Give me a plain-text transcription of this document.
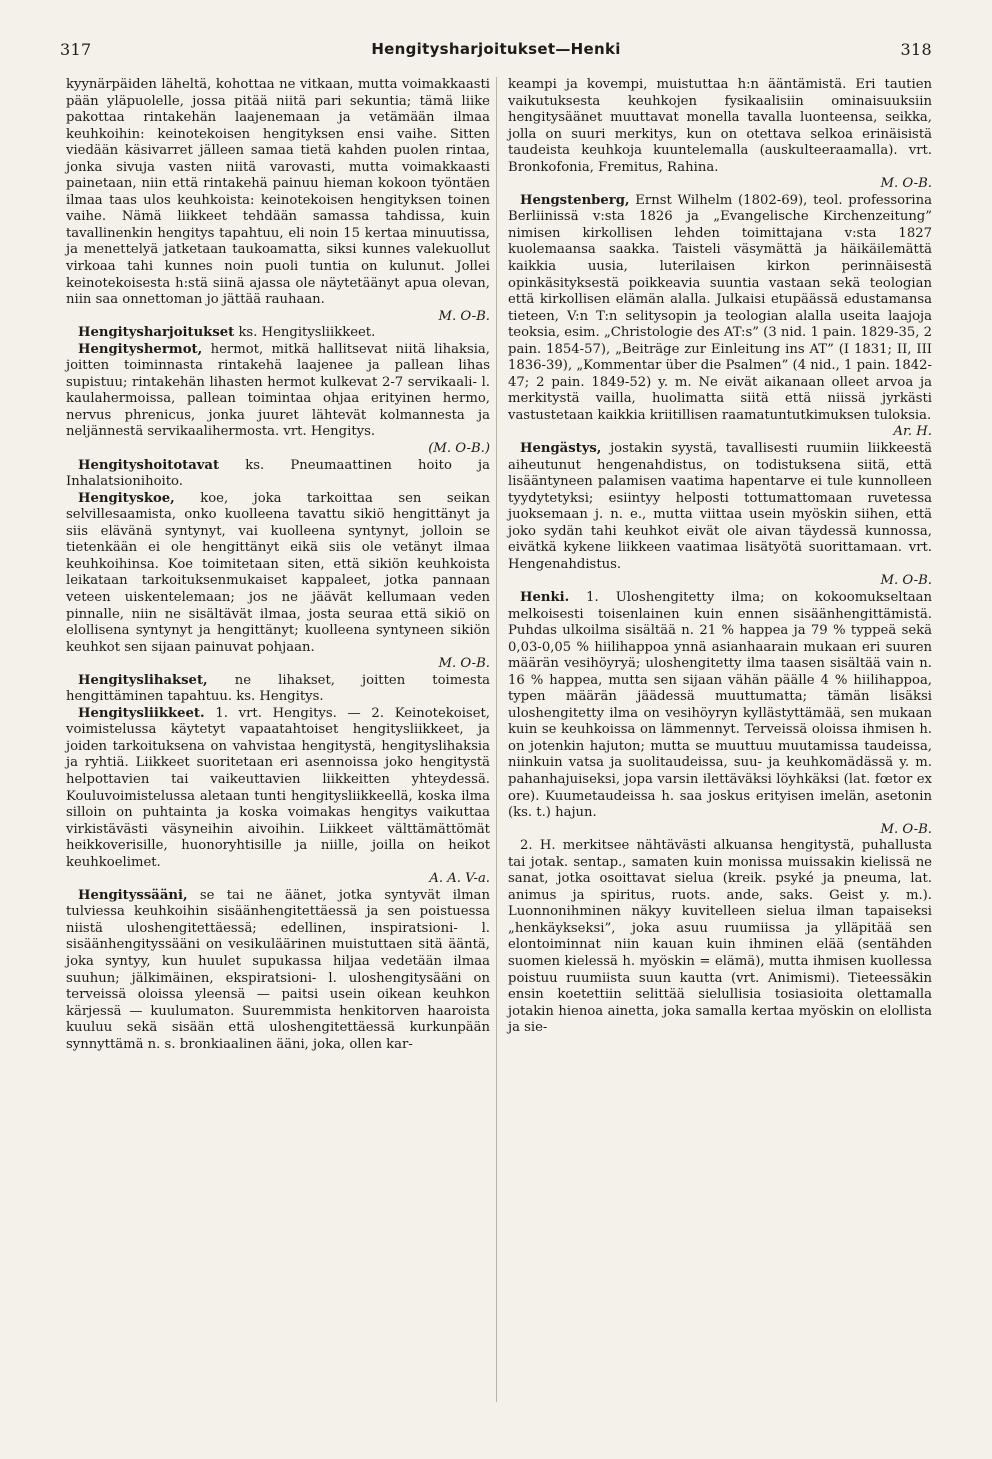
317	Hengitysharjoitukset—Henki	318

kyynärpäiden läheltä, kohottaa ne vitkaan, mutta voimakkaasti pään yläpuolelle, jossa pitää niitä pari sekuntia; tämä liike pakottaa rintakehän laajenemaan ja vetämään ilmaa keuhkoihin: keinotekoisen hengityksen ensi vaihe. Sitten viedään käsivarret jälleen samaa tietä kahden puolen rintaa, jonka sivuja vasten niitä varovasti, mutta voimakkaasti painetaan, niin että rintakehä painuu hieman kokoon työntäen ilmaa taas ulos keuhkoista: keinotekoisen hengityksen toinen vaihe. Nämä liikkeet tehdään samassa tahdissa, kuin tavallinenkin hengitys tapahtuu, eli noin 15 kertaa minuutissa, ja menettelyä jatketaan taukoamatta, siksi kunnes valekuollut virkoaa tahi kunnes noin puoli tuntia on kulunut. Jollei keinotekoisesta h:stä siinä ajassa ole näytetäänyt apua olevan, niin saa onnettoman jo jättää rauhaan.
M. O-B.

Hengitysharjoitukset ks. Hengitysliikkeet.

Hengityshermot, hermot, mitkä hallitsevat niitä lihaksia, joitten toiminnasta rintakehä laajenee ja pallean lihas supistuu; rintakehän lihasten hermot kulkevat 2-7 servikaali- l. kaulahermoissa, pallean toimintaa ohjaa erityinen hermo, nervus phrenicus, jonka juuret lähtevät kolmannesta ja neljännestä servikaalihermosta. vrt. Hengitys.
(M. O-B.)

Hengityshoitotavat ks. Pneumaattinen hoito ja Inhalatsionihoito.

Hengityskoe, koe, joka tarkoittaa sen seikan selvillesaamista, onko kuolleena tavattu sikiö hengittänyt ja siis elävänä syntynyt, vai kuolleena syntynyt, jolloin se tietenkään ei ole hengittänyt eikä siis ole vetänyt ilmaa keuhkoihinsa. Koe toimitetaan siten, että sikiön keuhkoista leikataan tarkoituksenmukaiset kappaleet, jotka pannaan veteen uiskentelemaan; jos ne jäävät kellumaan veden pinnalle, niin ne sisältävät ilmaa, josta seuraa että sikiö on elollisena syntynyt ja hengittänyt; kuolleena syntyneen sikiön keuhkot sen sijaan painuvat pohjaan.
M. O-B.

Hengityslihakset, ne lihakset, joitten toimesta hengittäminen tapahtuu. ks. Hengitys.

Hengitysliikkeet. 1. vrt. Hengitys. — 2. Keinotekoiset, voimistelussa käytetyt vapaatahtoiset hengitysliikkeet, ja joiden tarkoituksena on vahvistaa hengitystä, hengityslihaksia ja ryhtiä. Liikkeet suoritetaan eri asennoissa joko hengitystä helpottavien tai vaikeuttavien liikkeitten yhteydessä. Kouluvoimistelussa aletaan tunti hengitysliikkeellä, koska ilma silloin on puhtainta ja koska voimakas hengitys vaikuttaa virkistävästi väsyneihin aivoihin. Liikkeet välttämättömät heikkoverisille, huonoryhtisille ja niille, joilla on heikot keuhkoelimet.
A. A. V-a.

Hengityssääni, se tai ne äänet, jotka syntyvät ilman tulviessa keuhkoihin sisäänhengitettäessä ja sen poistuessa niistä uloshengitettäessä; edellinen, inspiratsioni- l. sisäänhengityssääni on vesikuläärinen muistuttaen sitä ääntä, joka syntyy, kun huulet supukassa hiljaa vedetään ilmaa suuhun; jälkimäinen, ekspiratsioni- l. uloshengitysääni on terveissä oloissa yleensä — paitsi usein oikean keuhkon kärjessä — kuulumaton. Suuremmista henkitorven haaroista kuuluu sekä sisään että uloshengitettäessä kurkunpään synnyttämä n. s. bronkiaalinen ääni, joka, ollen kar-

keampi ja kovempi, muistuttaa h:n ääntämistä. Eri tautien vaikutuksesta keuhkojen fysikaalisiin ominaisuuksiin hengitysäänet muuttavat monella tavalla luonteensa, seikka, jolla on suuri merkitys, kun on otettava selkoa erinäisistä taudeista keuhkoja kuuntelemalla (auskulteeraamalla). vrt. Bronkofonia, Fremitus, Rahina.
M. O-B.

Hengstenberg, Ernst Wilhelm (1802-69), teol. professorina Berliinissä v:sta 1826 ja „Evangelische Kirchenzeitung” nimisen kirkollisen lehden toimittajana v:sta 1827 kuolemaansa saakka. Taisteli väsymättä ja häikäilemättä kaikkia uusia, luterilaisen kirkon perinnäisestä opinkäsityksestä poikkeavia suuntia vastaan sekä teologian että kirkollisen elämän alalla. Julkaisi etupäässä edustamansa tieteen, V:n T:n selitysopin ja teologian alalla useita laajoja teoksia, esim. „Christologie des AT:s” (3 nid. 1 pain. 1829-35, 2 pain. 1854-57), „Beiträge zur Einleitung ins AT” (I 1831; II, III 1836-39), „Kommentar über die Psalmen” (4 nid., 1 pain. 1842-47; 2 pain. 1849-52) y. m. Ne eivät aikanaan olleet arvoa ja merkitystä vailla, huolimatta siitä että niissä jyrkästi vastustetaan kaikkia kriitillisen raamatuntutkimuksen tuloksia.
Ar. H.

Hengästys, jostakin syystä, tavallisesti ruumiin liikkeestä aiheutunut hengenahdistus, on todistuksena siitä, että lisääntyneen palamisen vaatima hapentarve ei tule kunnolleen tyydytetyksi; esiintyy helposti tottumattomaan ruvetessa juoksemaan j. n. e., mutta viittaa usein myöskin siihen, että joko sydän tahi keuhkot eivät ole aivan täydessä kunnossa, eivätkä kykene liikkeen vaatimaa lisätyötä suorittamaan. vrt. Hengenahdistus.
M. O-B.

Henki. 1. Uloshengitetty ilma; on kokoomukseltaan melkoisesti toisenlainen kuin ennen sisäänhengittämistä. Puhdas ulkoilma sisältää n. 21 % happea ja 79 % typpeä sekä 0,03-0,05 % hiilihappoa ynnä asianhaarain mukaan eri suuren määrän vesihöyryä; uloshengitetty ilma taasen sisältää vain n. 16 % happea, mutta sen sijaan vähän päälle 4 % hiilihappoa, typen määrän jäädessä muuttumatta; tämän lisäksi uloshengitetty ilma on vesihöyryn kyllästyttämää, sen mukaan kuin se keuhkoissa on lämmennyt. Terveissä oloissa ihmisen h. on jotenkin hajuton; mutta se muuttuu muutamissa taudeissa, niinkuin vatsa ja suolitaudeissa, suu- ja keuhkomädässä y. m. pahanhajuiseksi, jopa varsin ilettäväksi löyhkäksi (lat. fœtor ex ore). Kuumetaudeissa h. saa joskus erityisen imelän, asetonin (ks. t.) hajun.
M. O-B.

2. H. merkitsee nähtävästi alkuansa hengitystä, puhallusta tai jotak. sentap., samaten kuin monissa muissakin kielissä ne sanat, jotka osoittavat sielua (kreik. psyké ja pneuma, lat. animus ja spiritus, ruots. ande, saks. Geist y. m.). Luonnonihminen näkyy kuvitelleen sielua ilman tapaiseksi „henkäykseksi”, joka asuu ruumiissa ja ylläpitää sen elontoiminnat niin kauan kuin ihminen elää (sentähden suomen kielessä h. myöskin = elämä), mutta ihmisen kuollessa poistuu ruumiista suun kautta (vrt. Animismi). Tieteessäkin ensin koetettiin selittää sielullisia tosiasioita olettamalla jotakin hienoa ainetta, joka samalla kertaa myöskin on elollista ja sie-
